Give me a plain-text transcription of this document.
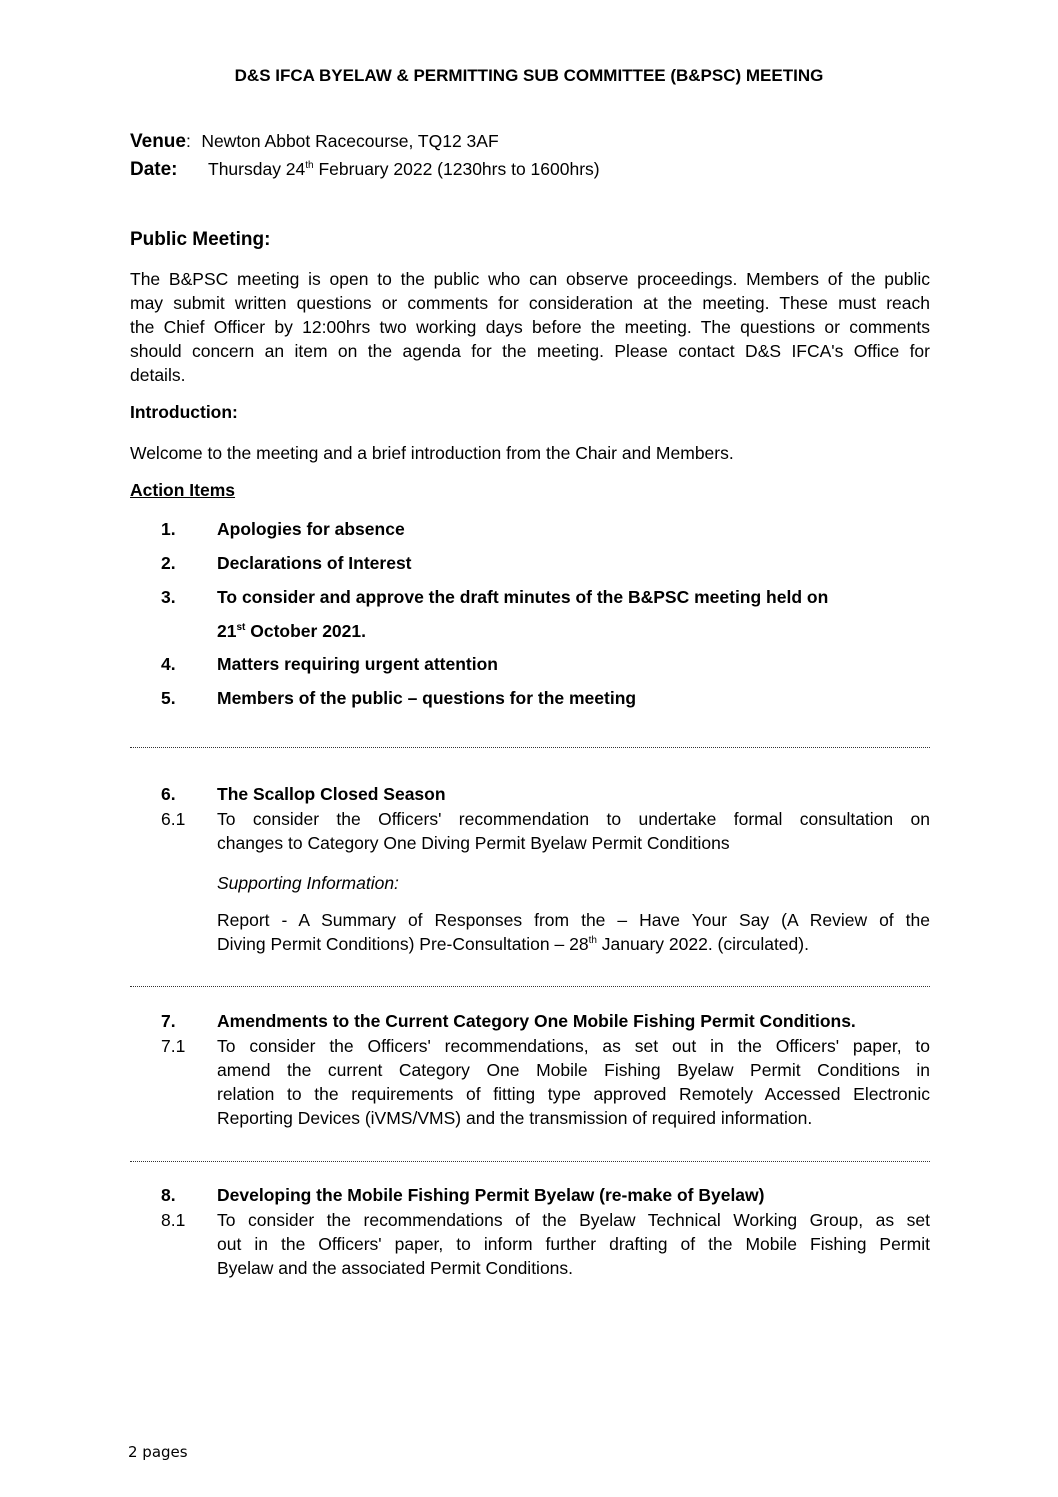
D&S IFCA BYELAW & PERMITTING SUB COMMITTEE (B&PSC) MEETING
Venue: Newton Abbot Racecourse, TQ12 3AF
Date: Thursday 24th February 2022 (1230hrs to 1600hrs)
Public Meeting:
The B&PSC meeting is open to the public who can observe proceedings. Members of the public
may submit written questions or comments for consideration at the meeting. These must reach
the Chief Officer by 12:00hrs two working days before the meeting. The questions or comments
should concern an item on the agenda for the meeting. Please contact D&S IFCA's Office for
details.
Introduction:
Welcome to the meeting and a brief introduction from the Chair and Members.
Action Items
1. Apologies for absence
2. Declarations of Interest
3. To consider and approve the draft minutes of the B&PSC meeting held on
21st October 2021.
4. Matters requiring urgent attention
5. Members of the public – questions for the meeting
6. The Scallop Closed Season
6.1 To consider the Officers' recommendation to undertake formal consultation on
changes to Category One Diving Permit Byelaw Permit Conditions
Supporting Information:
Report - A Summary of Responses from the – Have Your Say (A Review of the
Diving Permit Conditions) Pre-Consultation – 28th January 2022. (circulated).
7. Amendments to the Current Category One Mobile Fishing Permit Conditions.
7.1 To consider the Officers' recommendations, as set out in the Officers' paper, to
amend the current Category One Mobile Fishing Byelaw Permit Conditions in
relation to the requirements of fitting type approved Remotely Accessed Electronic
Reporting Devices (iVMS/VMS) and the transmission of required information.
8. Developing the Mobile Fishing Permit Byelaw (re-make of Byelaw)
8.1 To consider the recommendations of the Byelaw Technical Working Group, as set
out in the Officers' paper, to inform further drafting of the Mobile Fishing Permit
Byelaw and the associated Permit Conditions.
2 pages
